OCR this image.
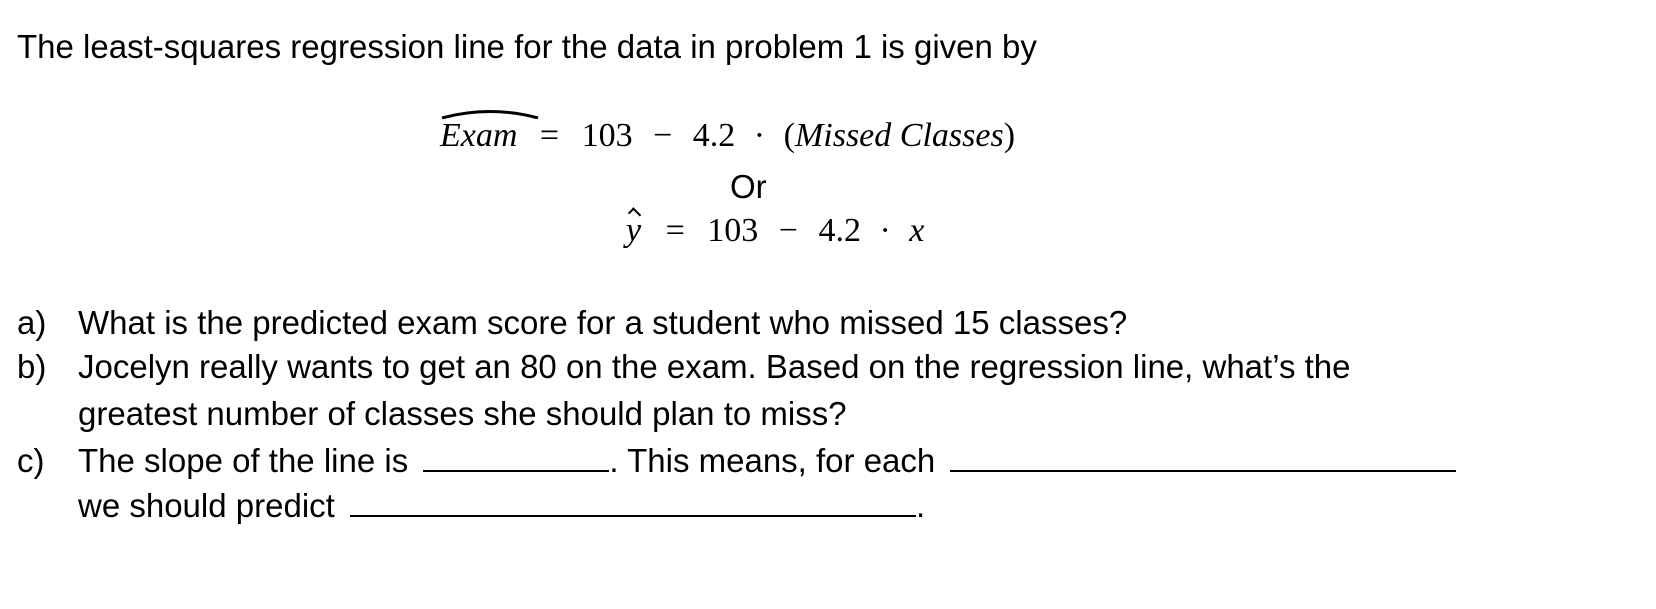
The least-squares regression line for the data in problem 1 is given by
Exam = 103 − 4.2 · (Missed Classes)
Or
y = 103 − 4.2 · x
a) What is the predicted exam score for a student who missed 15 classes?
b) Jocelyn really wants to get an 80 on the exam. Based on the regression line, what’s the
greatest number of classes she should plan to miss?
c)	The slope of the line is	. This means, for each
we should predict	.
